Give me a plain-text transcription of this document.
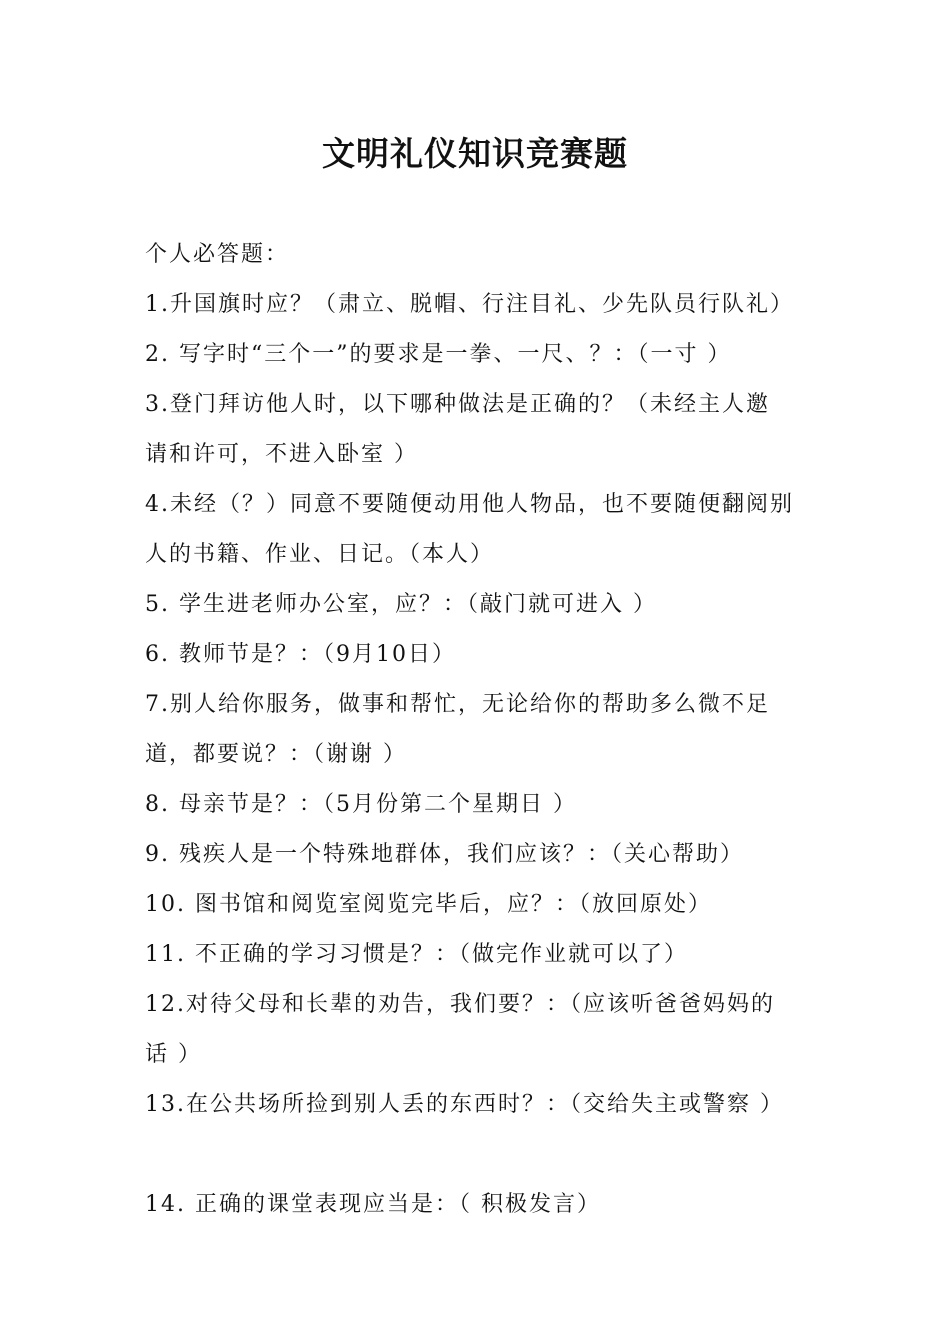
文明礼仪知识竞赛题
个人必答题：
1.升国旗时应？（肃立、脱帽、行注目礼、少先队员行队礼）
2. 写字时“三个一”的要求是一拳、一尺、？：（一寸 ）
3.登门拜访他人时，以下哪种做法是正确的？（未经主人邀
请和许可，不进入卧室 ）
4.未经（？）同意不要随便动用他人物品，也不要随便翻阅别
人的书籍、作业、日记。（本人）
5. 学生进老师办公室，应？：（敲门就可进入 ）
6. 教师节是？：（9月10日）
7.别人给你服务，做事和帮忙，无论给你的帮助多么微不足
道，都要说？：（谢谢 ）
8. 母亲节是？：（5月份第二个星期日 ）
9. 残疾人是一个特殊地群体，我们应该？：（关心帮助）
10. 图书馆和阅览室阅览完毕后，应？：（放回原处）
11. 不正确的学习习惯是？：（做完作业就可以了）
12.对待父母和长辈的劝告，我们要？：（应该听爸爸妈妈的
话 ）
13.在公共场所捡到别人丢的东西时？：（交给失主或警察 ）
14. 正确的课堂表现应当是：（ 积极发言）
